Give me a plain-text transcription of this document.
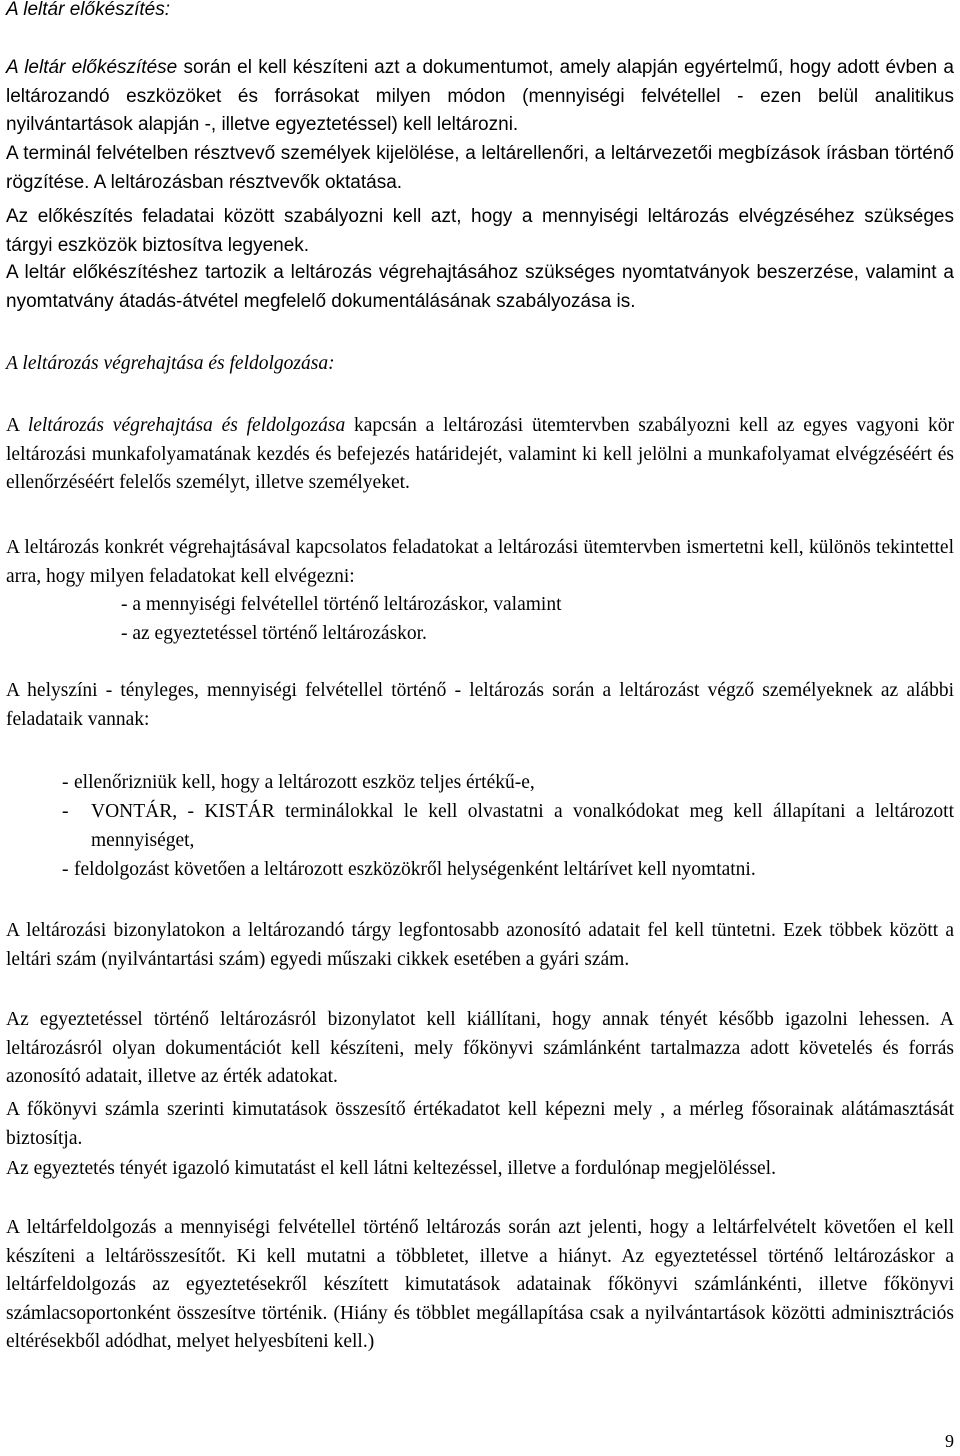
A leltár előkészítés:

A leltár előkészítése során el kell készíteni azt a dokumentumot, amely alapján egyértelmű, hogy adott évben a leltározandó eszközöket és forrásokat milyen módon (mennyiségi felvétellel - ezen belül analitikus nyilvántartások alapján -, illetve egyeztetéssel) kell leltározni.

A terminál felvételben résztvevő személyek kijelölése, a leltárellenőri, a leltárvezetői megbízások írásban történő rögzítése. A leltározásban résztvevők oktatása.

Az előkészítés feladatai között szabályozni kell azt, hogy a mennyiségi leltározás elvégzéséhez szükséges tárgyi eszközök biztosítva legyenek.

A leltár előkészítéshez tartozik a leltározás végrehajtásához szükséges nyomtatványok beszerzése, valamint a nyomtatvány átadás-átvétel megfelelő dokumentálásának szabályozása is.

A leltározás végrehajtása és feldolgozása:

A leltározás végrehajtása és feldolgozása kapcsán a leltározási ütemtervben szabályozni kell az egyes vagyoni kör leltározási munkafolyamatának kezdés és befejezés határidejét, valamint ki kell jelölni a munkafolyamat elvégzéséért és ellenőrzéséért felelős személyt, illetve személyeket.

A leltározás konkrét végrehajtásával kapcsolatos feladatokat a leltározási ütemtervben ismertetni kell, különös tekintettel arra, hogy milyen feladatokat kell elvégezni:

- a mennyiségi felvétellel történő leltározáskor, valamint

- az egyeztetéssel történő leltározáskor.

A helyszíni - tényleges, mennyiségi felvétellel történő - leltározás során a leltározást végző személyeknek az alábbi feladataik vannak:

- ellenőrizniük kell, hogy a leltározott eszköz teljes értékű-e,

- VONTÁR, - KISTÁR terminálokkal le kell olvastatni a vonalkódokat meg kell állapítani a leltározott mennyiséget,

- feldolgozást követően a leltározott eszközökről helységenként leltárívet kell nyomtatni.

A leltározási bizonylatokon a leltározandó tárgy legfontosabb azonosító adatait fel kell tüntetni. Ezek többek között a leltári szám (nyilvántartási szám) egyedi műszaki cikkek esetében a gyári szám.

Az egyeztetéssel történő leltározásról bizonylatot kell kiállítani, hogy annak tényét később igazolni lehessen. A leltározásról olyan dokumentációt kell készíteni, mely főkönyvi számlánként tartalmazza adott követelés és forrás azonosító adatait, illetve az érték adatokat.

A főkönyvi számla szerinti kimutatások összesítő értékadatot kell képezni mely , a mérleg fősorainak alátámasztását biztosítja.

Az egyeztetés tényét igazoló kimutatást el kell látni keltezéssel, illetve a fordulónap megjelöléssel.

A leltárfeldolgozás a mennyiségi felvétellel történő leltározás során azt jelenti, hogy a leltárfelvételt követően el kell készíteni a leltárösszesítőt. Ki kell mutatni a többletet, illetve a hiányt. Az egyeztetéssel történő leltározáskor a leltárfeldolgozás az egyeztetésekről készített kimutatások adatainak főkönyvi számlánkénti, illetve főkönyvi számlacsoportonként összesítve történik. (Hiány és többlet megállapítása csak a nyilvántartások közötti adminisztrációs eltérésekből adódhat, melyet helyesbíteni kell.)

9
